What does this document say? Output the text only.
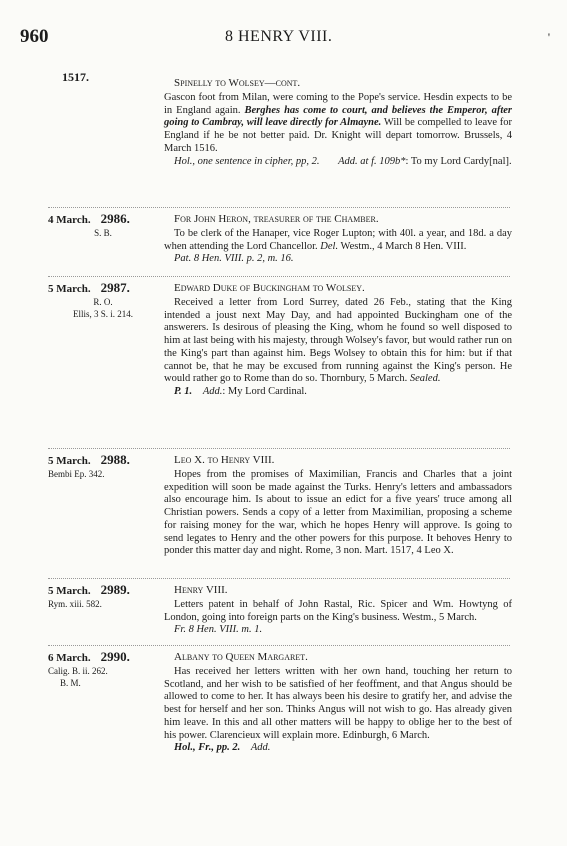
960	8 HENRY VIII.	'
1517.	Spinelly to Wolsey—cont.
Gascon foot from Milan, were coming to the Pope's service. Hesdin expects to be in England again. Berghes has come to court, and believes the Emperor, after going to Cambray, will leave directly for Almayne. Will be compelled to leave for England if he be not better paid. Dr. Knight will depart tomorrow. Brussels, 4 March 1516.
Hol., one sentence in cipher, pp, 2. Add. at f. 109b*: To my Lord Cardy[nal].
4 March. 2986.
S. B.
For John Heron, treasurer of the Chamber.
To be clerk of the Hanaper, vice Roger Lupton; with 40l. a year, and 18d. a day when attending the Lord Chancellor. Del. Westm., 4 March 8 Hen. VIII.
Pat. 8 Hen. VIII. p. 2, m. 16.
5 March. 2987.
R. O.
Ellis, 3 S. i. 214.
Edward Duke of Buckingham to Wolsey.
Received a letter from Lord Surrey, dated 26 Feb., stating that the King intended a joust next May Day, and had appointed Buckingham one of the answerers. Is desirous of pleasing the King, whom he found so well disposed to him at last being with his majesty, through Wolsey's favor, but would rather run on the King's part than against him. Begs Wolsey to obtain this for him: but if that cannot be, that he may be excused from running against the King's person. He would rather go to Rome than do so. Thornbury, 5 March. Sealed.
P. 1. Add.: My Lord Cardinal.
5 March. 2988.
Bembi Ep. 342.
Leo X. to Henry VIII.
Hopes from the promises of Maximilian, Francis and Charles that a joint expedition will soon be made against the Turks. Henry's letters and ambassadors also encourage him. Is about to issue an edict for a five years' truce among all Christian powers. Sends a copy of a letter from Maximilian, proposing a scheme for raising money for the war, which he hopes Henry will approve. Is going to send legates to Henry and the other powers for this purpose. It behoves Henry to ponder this matter day and night. Rome, 3 non. Mart. 1517, 4 Leo X.
5 March. 2989.
Rym. xiii. 582.
Henry VIII.
Letters patent in behalf of John Rastal, Ric. Spicer and Wm. Howtyng of London, going into foreign parts on the King's business. Westm., 5 March.
Fr. 8 Hen. VIII. m. 1.
6 March. 2990.
Calig. B. ii. 262.
B. M.
Albany to Queen Margaret.
Has received her letters written with her own hand, touching her return to Scotland, and her wish to be satisfied of her feoffment, and that Angus should be allowed to come to her. It has always been his desire to gratify her, and advise the best for herself and her son. Thinks Angus will not wish to go. Has already given him leave. In this and all other matters will be happy to oblige her to the best of his power. Clarencieux will explain more. Edinburgh, 6 March.
Hol., Fr., pp. 2. Add.
